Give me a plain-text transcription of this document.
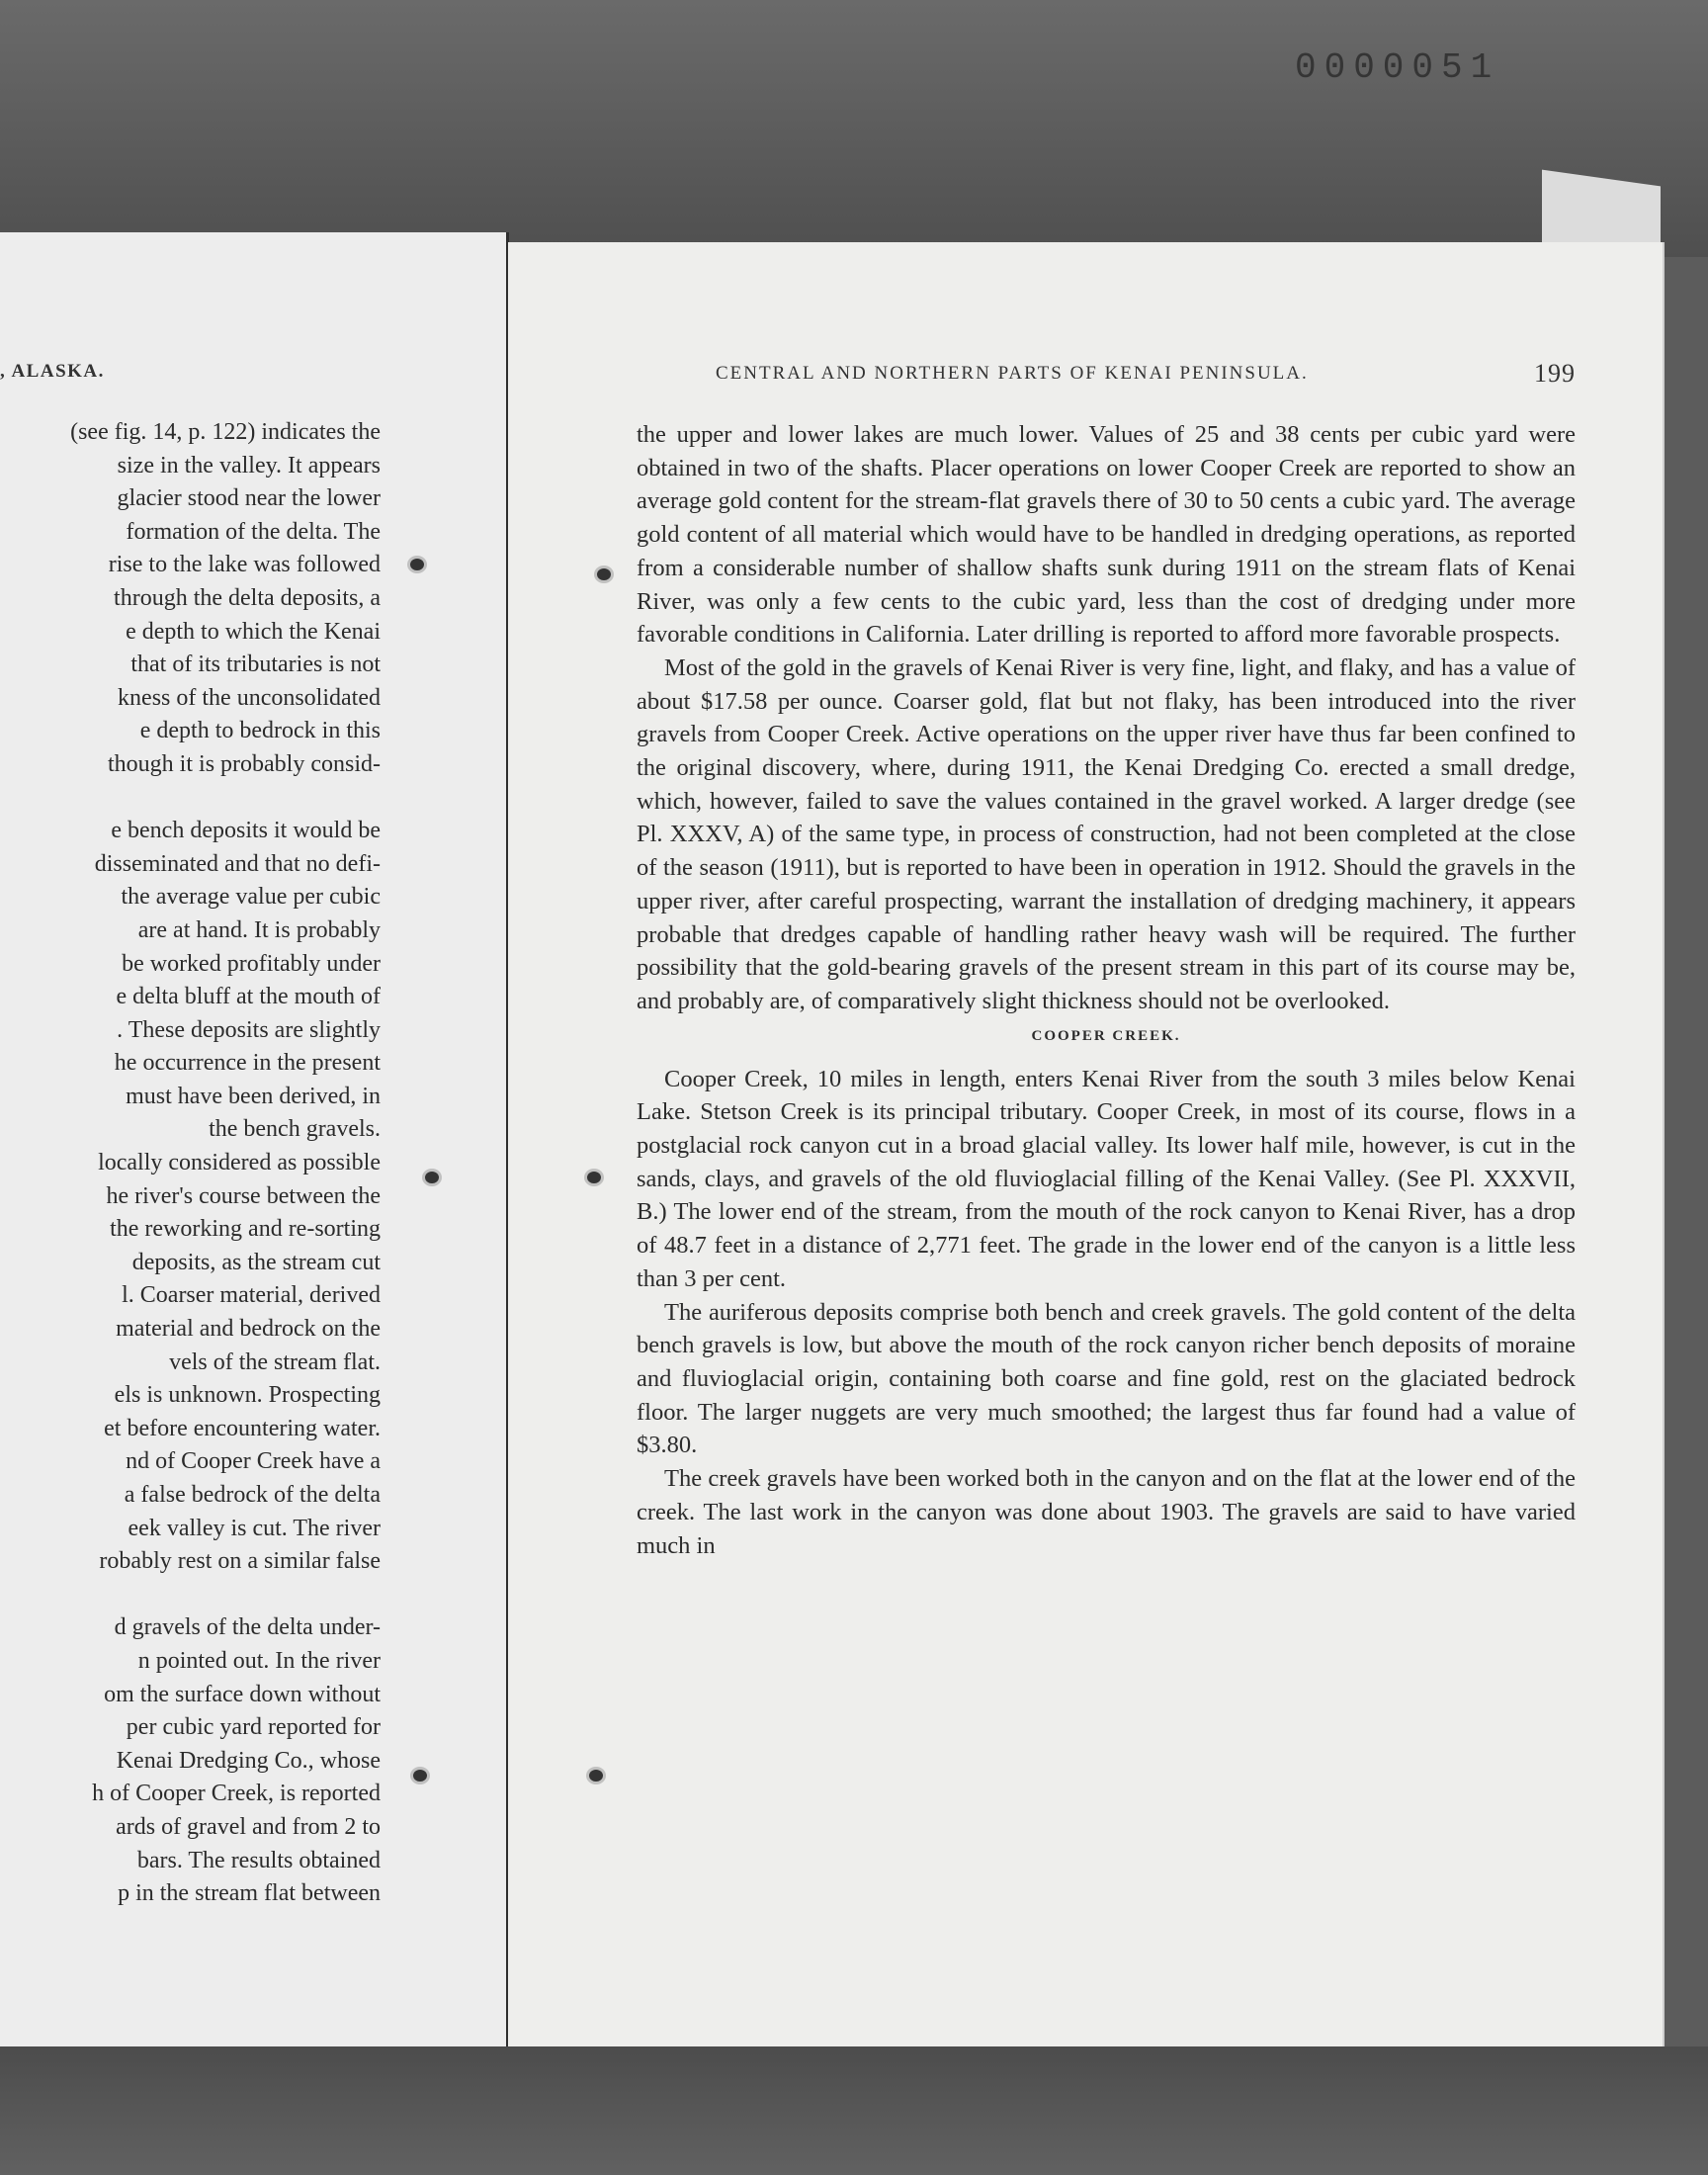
0000051
, ALASKA.
(see fig. 14, p. 122) indicates the
size in the valley. It appears
glacier stood near the lower
formation of the delta. The
rise to the lake was followed
through the delta deposits, a
e depth to which the Kenai
that of its tributaries is not
kness of the unconsolidated
e depth to bedrock in this
though it is probably consid-
e bench deposits it would be
disseminated and that no defi-
the average value per cubic
are at hand. It is probably
be worked profitably under
e delta bluff at the mouth of
. These deposits are slightly
he occurrence in the present
must have been derived, in
the bench gravels.
locally considered as possible
he river's course between the
the reworking and re-sorting
deposits, as the stream cut
l. Coarser material, derived
material and bedrock on the
vels of the stream flat.
els is unknown. Prospecting
et before encountering water.
nd of Cooper Creek have a
a false bedrock of the delta
eek valley is cut. The river
robably rest on a similar false
d gravels of the delta under-
n pointed out. In the river
om the surface down without
per cubic yard reported for
Kenai Dredging Co., whose
h of Cooper Creek, is reported
ards of gravel and from 2 to
bars. The results obtained
p in the stream flat between
CENTRAL AND NORTHERN PARTS OF KENAI PENINSULA.	199

the upper and lower lakes are much lower. Values of 25 and 38 cents per cubic yard were obtained in two of the shafts. Placer operations on lower Cooper Creek are reported to show an average gold content for the stream-flat gravels there of 30 to 50 cents a cubic yard. The average gold content of all material which would have to be handled in dredging operations, as reported from a considerable number of shallow shafts sunk during 1911 on the stream flats of Kenai River, was only a few cents to the cubic yard, less than the cost of dredging under more favorable conditions in California. Later drilling is reported to afford more favorable prospects.

Most of the gold in the gravels of Kenai River is very fine, light, and flaky, and has a value of about $17.58 per ounce. Coarser gold, flat but not flaky, has been introduced into the river gravels from Cooper Creek. Active operations on the upper river have thus far been confined to the original discovery, where, during 1911, the Kenai Dredging Co. erected a small dredge, which, however, failed to save the values contained in the gravel worked. A larger dredge (see Pl. XXXV, A) of the same type, in process of construction, had not been completed at the close of the season (1911), but is reported to have been in operation in 1912. Should the gravels in the upper river, after careful prospecting, warrant the installation of dredging machinery, it appears probable that dredges capable of handling rather heavy wash will be required. The further possibility that the gold-bearing gravels of the present stream in this part of its course may be, and probably are, of comparatively slight thickness should not be overlooked.

COOPER CREEK.

Cooper Creek, 10 miles in length, enters Kenai River from the south 3 miles below Kenai Lake. Stetson Creek is its principal tributary. Cooper Creek, in most of its course, flows in a postglacial rock canyon cut in a broad glacial valley. Its lower half mile, however, is cut in the sands, clays, and gravels of the old fluvioglacial filling of the Kenai Valley. (See Pl. XXXVII, B.) The lower end of the stream, from the mouth of the rock canyon to Kenai River, has a drop of 48.7 feet in a distance of 2,771 feet. The grade in the lower end of the canyon is a little less than 3 per cent.

The auriferous deposits comprise both bench and creek gravels. The gold content of the delta bench gravels is low, but above the mouth of the rock canyon richer bench deposits of moraine and fluvioglacial origin, containing both coarse and fine gold, rest on the glaciated bedrock floor. The larger nuggets are very much smoothed; the largest thus far found had a value of $3.80.

The creek gravels have been worked both in the canyon and on the flat at the lower end of the creek. The last work in the canyon was done about 1903. The gravels are said to have varied much in
